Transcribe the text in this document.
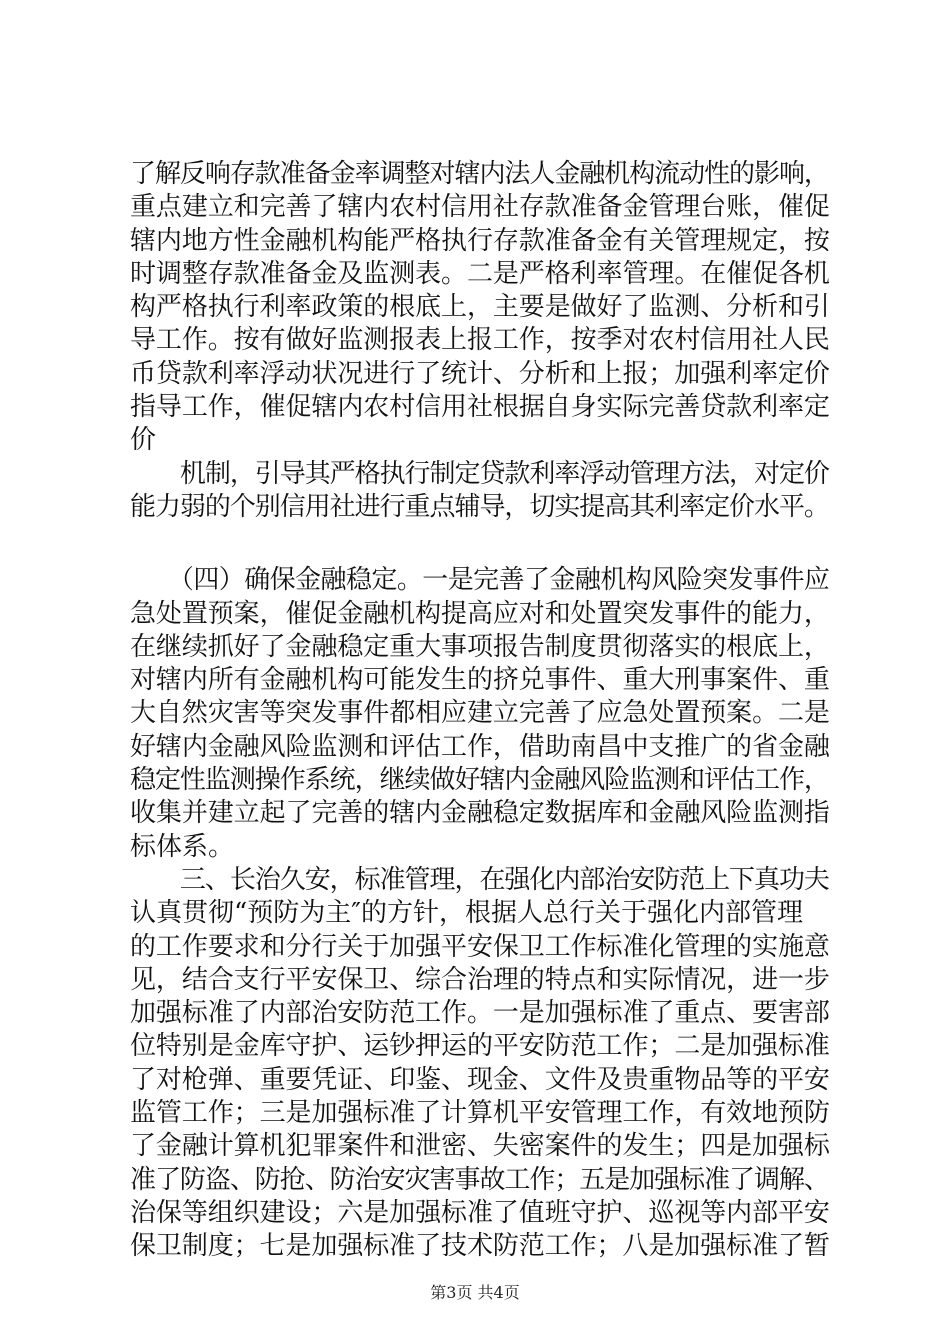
了解反响存款准备金率调整对辖内法人金融机构流动性的影响，
重点建立和完善了辖内农村信用社存款准备金管理台账，催促
辖内地方性金融机构能严格执行存款准备金有关管理规定，按
时调整存款准备金及监测表。二是严格利率管理。在催促各机
构严格执行利率政策的根底上，主要是做好了监测、分析和引
导工作。按有做好监测报表上报工作，按季对农村信用社人民
币贷款利率浮动状况进行了统计、分析和上报；加强利率定价
指导工作，催促辖内农村信用社根据自身实际完善贷款利率定
价
　　机制，引导其严格执行制定贷款利率浮动管理方法，对定价
能力弱的个别信用社进行重点辅导，切实提高其利率定价水平。
　　（四）确保金融稳定。一是完善了金融机构风险突发事件应
急处置预案，催促金融机构提高应对和处置突发事件的能力，
在继续抓好了金融稳定重大事项报告制度贯彻落实的根底上，
对辖内所有金融机构可能发生的挤兑事件、重大刑事案件、重
大自然灾害等突发事件都相应建立完善了应急处置预案。二是
好辖内金融风险监测和评估工作，借助南昌中支推广的省金融
稳定性监测操作系统，继续做好辖内金融风险监测和评估工作，
收集并建立起了完善的辖内金融稳定数据库和金融风险监测指
标体系。
　　三、长治久安，标准管理，在强化内部治安防范上下真功夫
认真贯彻“预防为主″的方针，根据人总行关于强化内部管理
的工作要求和分行关于加强平安保卫工作标准化管理的实施意
见，结合支行平安保卫、综合治理的特点和实际情况，进一步
加强标准了内部治安防范工作。一是加强标准了重点、要害部
位特别是金库守护、运钞押运的平安防范工作；二是加强标准
了对枪弹、重要凭证、印鉴、现金、文件及贵重物品等的平安
监管工作；三是加强标准了计算机平安管理工作，有效地预防
了金融计算机犯罪案件和泄密、失密案件的发生；四是加强标
准了防盗、防抢、防治安灾害事故工作；五是加强标准了调解、
治保等组织建设；六是加强标准了值班守护、巡视等内部平安
保卫制度；七是加强标准了技术防范工作；八是加强标准了暂
第3页 共4页
